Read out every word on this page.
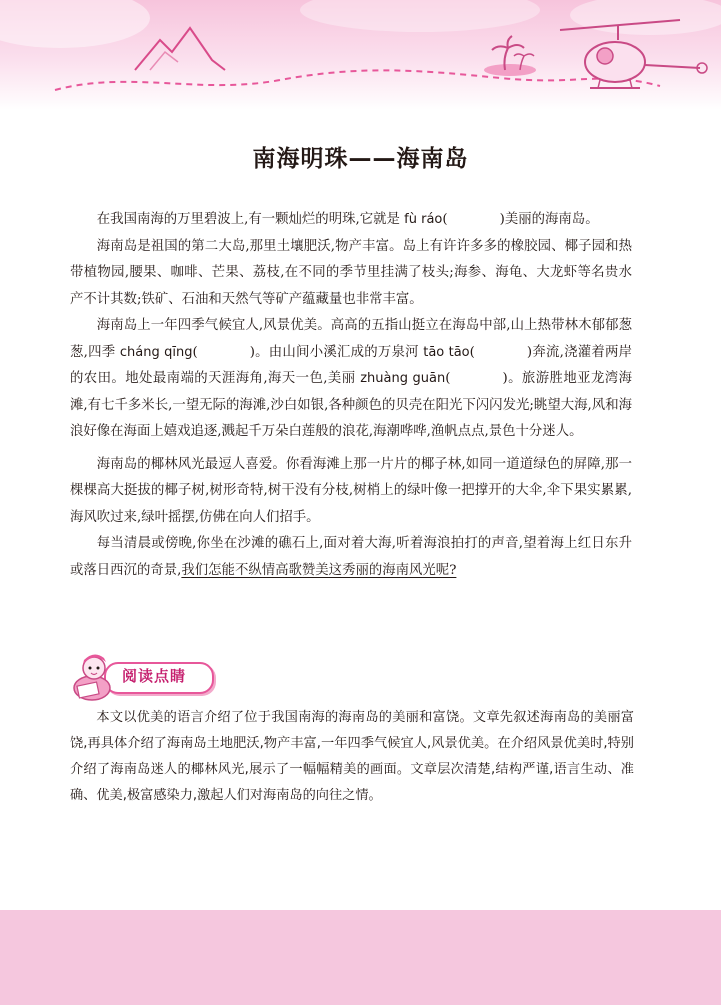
南海明珠——海南岛

在我国南海的万里碧波上,有一颗灿烂的明珠,它就是 fù ráo(	)美丽的海南岛。

海南岛是祖国的第二大岛,那里土壤肥沃,物产丰富。岛上有许许多多的橡胶园、椰子园和热带植物园,腰果、咖啡、芒果、荔枝,在不同的季节里挂满了枝头;海参、海龟、大龙虾等名贵水产不计其数;铁矿、石油和天然气等矿产蕴藏量也非常丰富。

海南岛上一年四季气候宜人,风景优美。高高的五指山挺立在海岛中部,山上热带林木郁郁葱葱,四季 cháng qīng(	)。由山间小溪汇成的万泉河 tāo tāo(	)奔流,浇灌着两岸的农田。地处最南端的天涯海角,海天一色,美丽 zhuàng guān(	)。旅游胜地亚龙湾海滩,有七千多米长,一望无际的海滩,沙白如银,各种颜色的贝壳在阳光下闪闪发光;眺望大海,风和海浪好像在海面上嬉戏追逐,溅起千万朵白莲般的浪花,海潮哗哗,渔帆点点,景色十分迷人。

海南岛的椰林风光最逗人喜爱。你看海滩上那一片片的椰子林,如同一道道绿色的屏障,那一棵棵高大挺拔的椰子树,树形奇特,树干没有分枝,树梢上的绿叶像一把撑开的大伞,伞下果实累累,海风吹过来,绿叶摇摆,仿佛在向人们招手。

每当清晨或傍晚,你坐在沙滩的礁石上,面对着大海,听着海浪拍打的声音,望着海上红日东升或落日西沉的奇景,我们怎能不纵情高歌赞美这秀丽的海南风光呢?

阅读点睛

本文以优美的语言介绍了位于我国南海的海南岛的美丽和富饶。文章先叙述海南岛的美丽富饶,再具体介绍了海南岛土地肥沃,物产丰富,一年四季气候宜人,风景优美。在介绍风景优美时,特别介绍了海南岛迷人的椰林风光,展示了一幅幅精美的画面。文章层次清楚,结构严谨,语言生动、准确、优美,极富感染力,激起人们对海南岛的向往之情。
